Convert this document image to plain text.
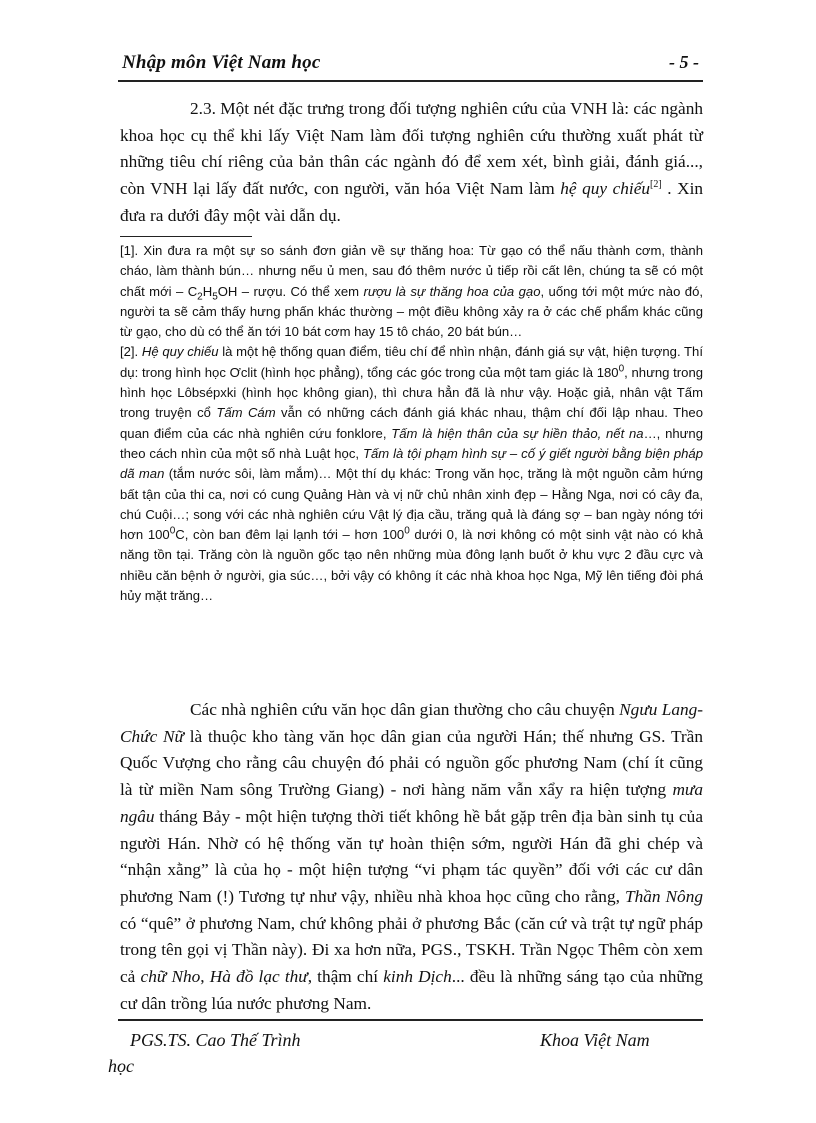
Nhập môn Việt Nam học	- 5 -

2.3. Một nét đặc trưng trong đối tượng nghiên cứu của VNH là: các ngành khoa học cụ thể khi lấy Việt Nam làm đối tượng nghiên cứu thường xuất phát từ những tiêu chí riêng của bản thân các ngành đó để xem xét, bình giải, đánh giá..., còn VNH lại lấy đất nước, con người, văn hóa Việt Nam làm hệ quy chiếu[2] . Xin đưa ra dưới đây một vài dẫn dụ.

[1]. Xin đưa ra một sự so sánh đơn giản về sự thăng hoa: Từ gạo có thể nấu thành cơm, thành cháo, làm thành bún… nhưng nếu ủ men, sau đó thêm nước ủ tiếp rồi cất lên, chúng ta sẽ có một chất mới – $C_2H_5OH$ – rượu. Có thể xem rượu là sự thăng hoa của gạo, uống tới một mức nào đó, người ta sẽ cảm thấy hưng phấn khác thường – một điều không xảy ra ở các chế phẩm khác cũng từ gạo, cho dù có thể ăn tới 10 bát cơm hay 15 tô cháo, 20 bát bún…

[2]. Hệ quy chiếu là một hệ thống quan điểm, tiêu chí để nhìn nhận, đánh giá sự vật, hiện tượng. Thí dụ: trong hình học Ơclit (hình học phẳng), tổng các góc trong của một tam giác là $180^0$, nhưng trong hình học Lôbsépxki (hình học không gian), thì chưa hẳn đã là như vậy. Hoặc giả, nhân vật Tấm trong truyện cổ Tấm Cám vẫn có những cách đánh giá khác nhau, thậm chí đối lập nhau. Theo quan điểm của các nhà nghiên cứu fonklore, Tấm là hiện thân của sự hiền thảo, nết na…, nhưng theo cách nhìn của một số nhà Luật học, Tấm là tội phạm hình sự – cố ý giết người bằng biện pháp dã man (tắm nước sôi, làm mắm)… Một thí dụ khác: Trong văn học, trăng là một nguồn cảm hứng bất tận của thi ca, nơi có cung Quảng Hàn và vị nữ chủ nhân xinh đẹp – Hằng Nga, nơi có cây đa, chú Cuội…; song với các nhà nghiên cứu Vật lý địa cầu, trăng quả là đáng sợ – ban ngày nóng tới hơn $100^0C$, còn ban đêm lại lạnh tới – hơn $100^0$ dưới 0, là nơi không có một sinh vật nào có khả năng tồn tại. Trăng còn là nguồn gốc tạo nên những mùa đông lạnh buốt ở khu vực 2 đầu cực và nhiều căn bệnh ở người, gia súc…, bởi vậy có không ít các nhà khoa học Nga, Mỹ lên tiếng đòi phá hủy mặt trăng…

Các nhà nghiên cứu văn học dân gian thường cho câu chuyện Ngưu Lang-Chức Nữ là thuộc kho tàng văn học dân gian của người Hán; thế nhưng GS. Trần Quốc Vượng cho rằng câu chuyện đó phải có nguồn gốc phương Nam (chí ít cũng là từ miền Nam sông Trường Giang) - nơi hàng năm vẫn xẩy ra hiện tượng mưa ngâu tháng Bảy - một hiện tượng thời tiết không hề bắt gặp trên địa bàn sinh tụ của người Hán. Nhờ có hệ thống văn tự hoàn thiện sớm, người Hán đã ghi chép và “nhận xằng” là của họ - một hiện tượng “vi phạm tác quyền” đối với các cư dân phương Nam (!) Tương tự như vậy, nhiều nhà khoa học cũng cho rằng, Thần Nông có “quê” ở phương Nam, chứ không phải ở phương Bắc (căn cứ và trật tự ngữ pháp trong tên gọi vị Thần này). Đi xa hơn nữa, PGS., TSKH. Trần Ngọc Thêm còn xem cả chữ Nho, Hà đồ lạc thư, thậm chí kinh Dịch... đều là những sáng tạo của những cư dân trồng lúa nước phương Nam.

PGS.TS. Cao Thế Trình	Khoa Việt Nam
học
